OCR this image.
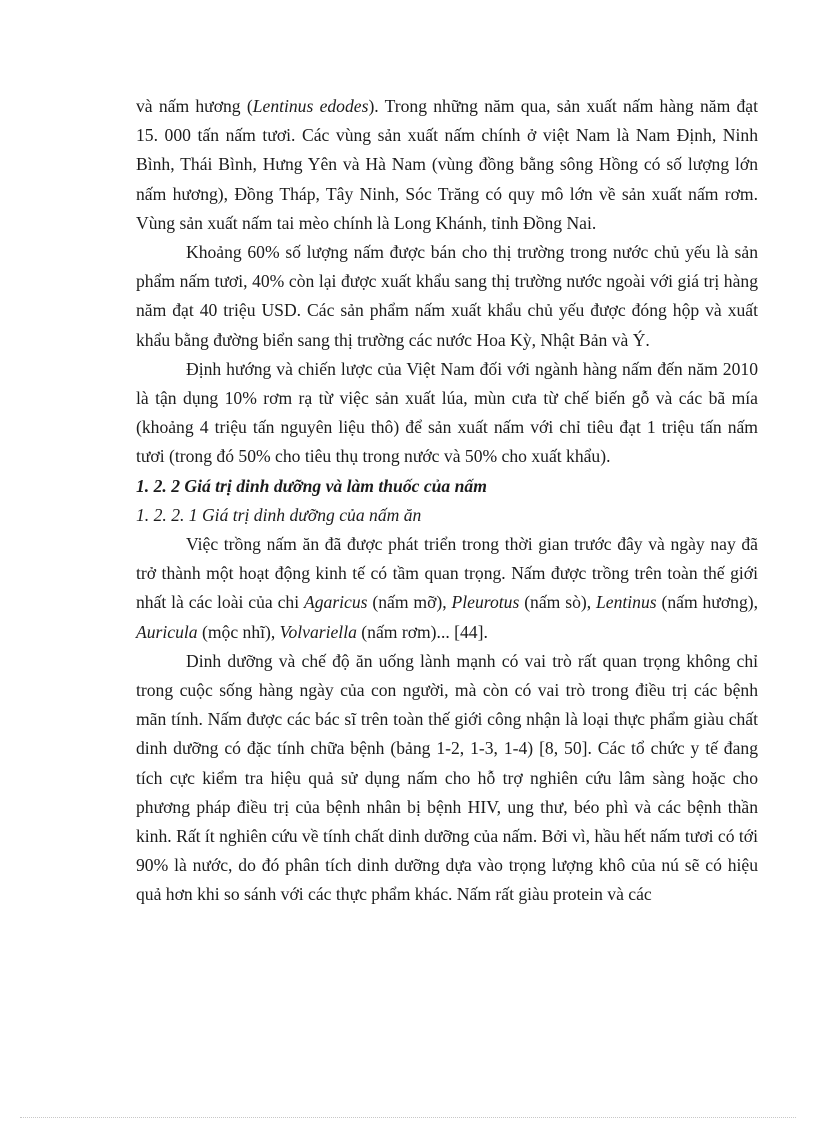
và nấm hương (Lentinus edodes). Trong những năm qua, sản xuất nấm hàng năm đạt 15. 000 tấn nấm tươi. Các vùng sản xuất nấm chính ở việt Nam là Nam Định, Ninh Bình, Thái Bình, Hưng Yên và Hà Nam (vùng đồng bằng sông Hồng có số lượng lớn nấm hương), Đồng Tháp, Tây Ninh, Sóc Trăng có quy mô lớn về sản xuất nấm rơm. Vùng sản xuất nấm tai mèo chính là Long Khánh, tỉnh Đồng Nai.

Khoảng 60% số lượng nấm được bán cho thị trường trong nước chủ yếu là sản phẩm nấm tươi, 40% còn lại được xuất khẩu sang thị trường nước ngoài với giá trị hàng năm đạt 40 triệu USD. Các sản phẩm nấm xuất khẩu chủ yếu được đóng hộp và xuất khẩu bằng đường biển sang thị trường các nước Hoa Kỳ, Nhật Bản và Ý.

Định hướng và chiến lược của Việt Nam đối với ngành hàng nấm đến năm 2010 là tận dụng 10% rơm rạ từ việc sản xuất lúa, mùn cưa từ chế biến gỗ và các bã mía (khoảng 4 triệu tấn nguyên liệu thô) để sản xuất nấm với chỉ tiêu đạt 1 triệu tấn nấm tươi (trong đó 50% cho tiêu thụ trong nước và 50% cho xuất khẩu).

1. 2. 2 Giá trị dinh dưỡng và làm thuốc của nấm
1. 2. 2. 1 Giá trị dinh dưỡng của nấm ăn

Việc trồng nấm ăn đã được phát triển trong thời gian trước đây và ngày nay đã trở thành một hoạt động kinh tế có tầm quan trọng. Nấm được trồng trên toàn thế giới nhất là các loài của chi Agaricus (nấm mỡ), Pleurotus (nấm sò), Lentinus (nấm hương), Auricula (mộc nhĩ), Volvariella (nấm rơm)... [44].

Dinh dưỡng và chế độ ăn uống lành mạnh có vai trò rất quan trọng không chỉ trong cuộc sống hàng ngày của con người, mà còn có vai trò trong điều trị các bệnh mãn tính. Nấm được các bác sĩ trên toàn thế giới công nhận là loại thực phẩm giàu chất dinh dưỡng có đặc tính chữa bệnh (bảng 1-2, 1-3, 1-4) [8, 50]. Các tổ chức y tế đang tích cực kiểm tra hiệu quả sử dụng nấm cho hỗ trợ nghiên cứu lâm sàng hoặc cho phương pháp điều trị của bệnh nhân bị bệnh HIV, ung thư, béo phì và các bệnh thần kinh. Rất ít nghiên cứu về tính chất dinh dưỡng của nấm. Bởi vì, hầu hết nấm tươi có tới 90% là nước, do đó phân tích dinh dưỡng dựa vào trọng lượng khô của nú sẽ có hiệu quả hơn khi so sánh với các thực phẩm khác. Nấm rất giàu protein và các
